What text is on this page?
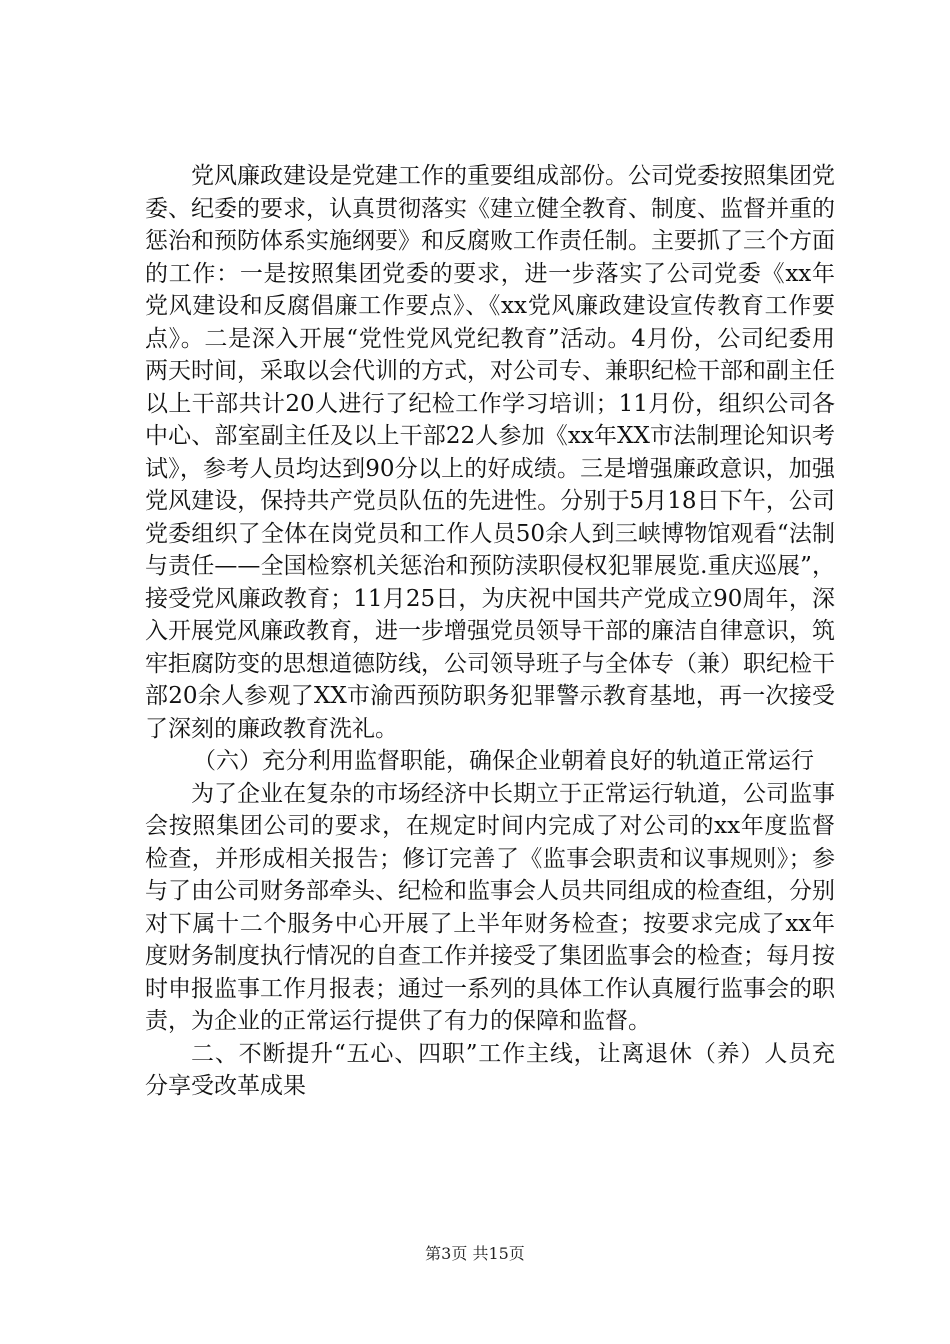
党风廉政建设是党建工作的重要组成部份。公司党委按照集团党委、纪委的要求，认真贯彻落实《建立健全教育、制度、监督并重的惩治和预防体系实施纲要》和反腐败工作责任制。主要抓了三个方面的工作：一是按照集团党委的要求，进一步落实了公司党委《xx年党风建设和反腐倡廉工作要点》、《xx党风廉政建设宣传教育工作要点》。二是深入开展“党性党风党纪教育”活动。4月份，公司纪委用两天时间，采取以会代训的方式，对公司专、兼职纪检干部和副主任以上干部共计20人进行了纪检工作学习培训；11月份，组织公司各中心、部室副主任及以上干部22人参加《xx年XX市法制理论知识考试》，参考人员均达到90分以上的好成绩。三是增强廉政意识，加强党风建设，保持共产党员队伍的先进性。分别于5月18日下午，公司党委组织了全体在岗党员和工作人员50余人到三峡博物馆观看“法制与责任——全国检察机关惩治和预防渎职侵权犯罪展览.重庆巡展”，接受党风廉政教育；11月25日，为庆祝中国共产党成立90周年，深入开展党风廉政教育，进一步增强党员领导干部的廉洁自律意识，筑牢拒腐防变的思想道德防线，公司领导班子与全体专（兼）职纪检干部20余人参观了XX市渝西预防职务犯罪警示教育基地，再一次接受了深刻的廉政教育洗礼。

（六）充分利用监督职能，确保企业朝着良好的轨道正常运行

为了企业在复杂的市场经济中长期立于正常运行轨道，公司监事会按照集团公司的要求，在规定时间内完成了对公司的xx年度监督检查，并形成相关报告；修订完善了《监事会职责和议事规则》；参与了由公司财务部牵头、纪检和监事会人员共同组成的检查组，分别对下属十二个服务中心开展了上半年财务检查；按要求完成了xx年度财务制度执行情况的自查工作并接受了集团监事会的检查；每月按时申报监事工作月报表；通过一系列的具体工作认真履行监事会的职责，为企业的正常运行提供了有力的保障和监督。

二、不断提升“五心、四职”工作主线，让离退休（养）人员充分享受改革成果

第3页 共15页
